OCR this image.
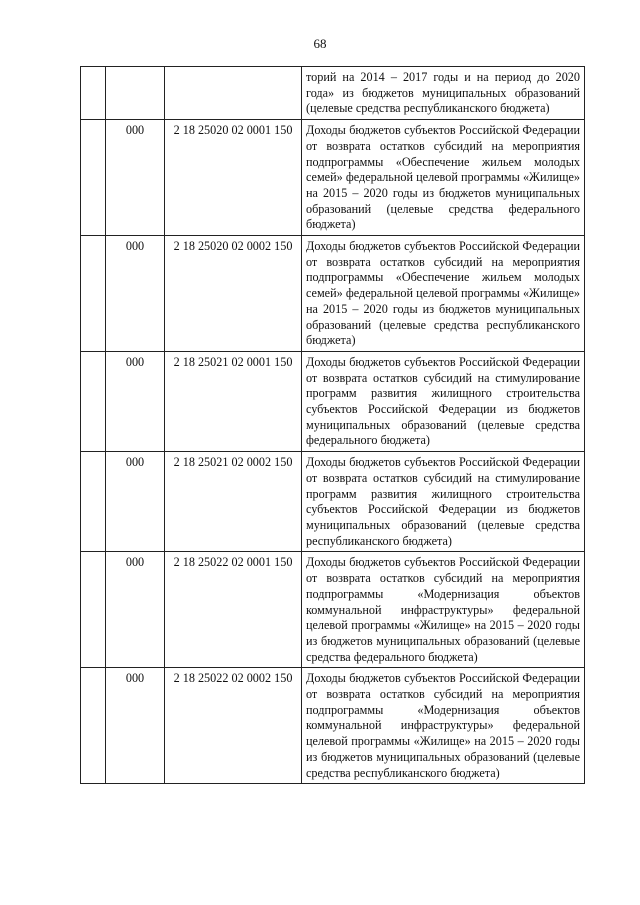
68
			торий на 2014 – 2017 годы и на период до 2020 года» из бюджетов муниципальных образований (целевые средства республиканского бюджета)
	000	2 18 25020 02 0001 150	Доходы бюджетов субъектов Российской Федерации от возврата остатков субсидий на мероприятия подпрограммы «Обеспечение жильем молодых семей» федеральной целевой программы «Жилище» на 2015 – 2020 годы из бюджетов муниципальных образований (целевые средства федерального бюджета)
	000	2 18 25020 02 0002 150	Доходы бюджетов субъектов Российской Федерации от возврата остатков субсидий на мероприятия подпрограммы «Обеспечение жильем молодых семей» федеральной целевой программы «Жилище» на 2015 – 2020 годы из бюджетов муниципальных образований (целевые средства республиканского бюджета)
	000	2 18 25021 02 0001 150	Доходы бюджетов субъектов Российской Федерации от возврата остатков субсидий на стимулирование программ развития жилищного строительства субъектов Российской Федерации из бюджетов муниципальных образований (целевые средства федерального бюджета)
	000	2 18 25021 02 0002 150	Доходы бюджетов субъектов Российской Федерации от возврата остатков субсидий на стимулирование программ развития жилищного строительства субъектов Российской Федерации из бюджетов муниципальных образований (целевые средства республиканского бюджета)
	000	2 18 25022 02 0001 150	Доходы бюджетов субъектов Российской Федерации от возврата остатков субсидий на мероприятия подпрограммы «Модернизация объектов коммунальной инфраструктуры» федеральной целевой программы «Жилище» на 2015 – 2020 годы из бюджетов муниципальных образований (целевые средства федерального бюджета)
	000	2 18 25022 02 0002 150	Доходы бюджетов субъектов Российской Федерации от возврата остатков субсидий на мероприятия подпрограммы «Модернизация объектов коммунальной инфраструктуры» федеральной целевой программы «Жилище» на 2015 – 2020 годы из бюджетов муниципальных образований (целевые средства республиканского бюджета)
